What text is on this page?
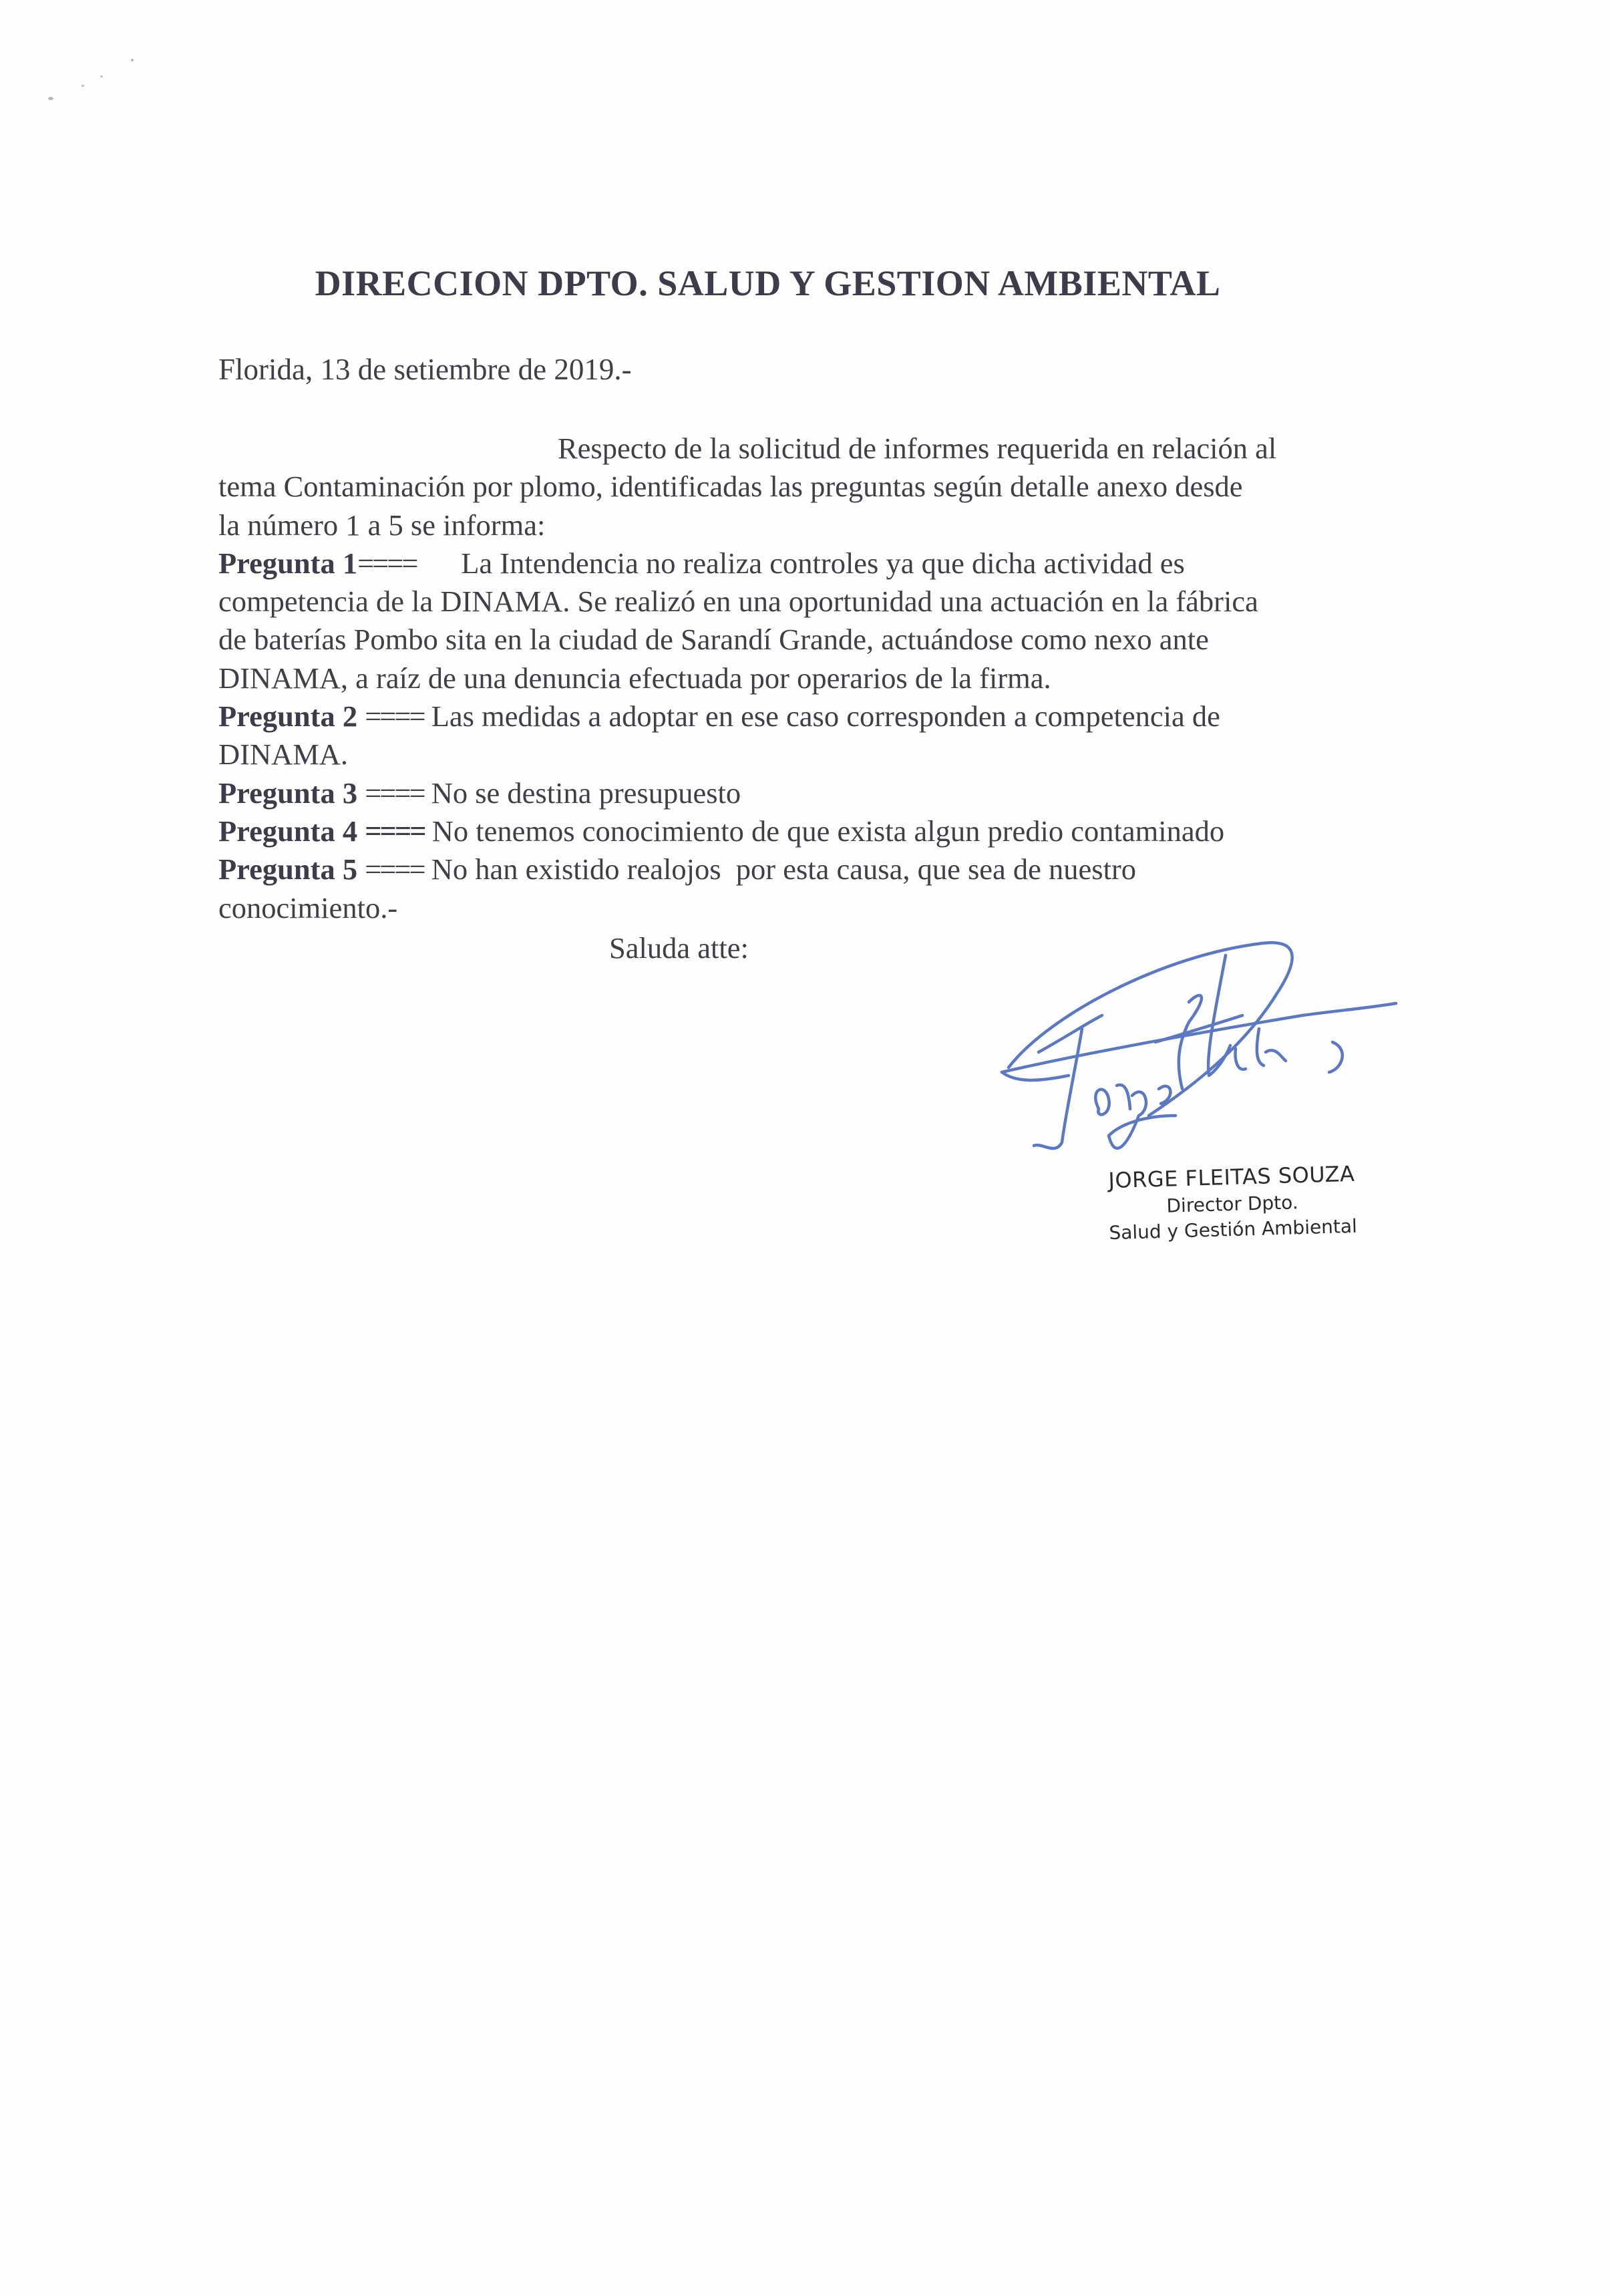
DIRECCION DPTO. SALUD Y GESTION AMBIENTAL
Florida, 13 de setiembre de 2019.-
Respecto de la solicitud de informes requerida en relación al
tema Contaminación por plomo, identificadas las preguntas según detalle anexo desde
la número 1 a 5 se informa:
Pregunta 1==== La Intendencia no realiza controles ya que dicha actividad es
competencia de la DINAMA. Se realizó en una oportunidad una actuación en la fábrica
de baterías Pombo sita en la ciudad de Sarandí Grande, actuándose como nexo ante
DINAMA, a raíz de una denuncia efectuada por operarios de la firma.
Pregunta 2 ==== Las medidas a adoptar en ese caso corresponden a competencia de
DINAMA.
Pregunta 3 ==== No se destina presupuesto
Pregunta 4 ==== No tenemos conocimiento de que exista algun predio contaminado
Pregunta 5 ==== No han existido realojos  por esta causa, que sea de nuestro
conocimiento.-
Saluda atte:
JORGE FLEITAS SOUZA
Director Dpto.
Salud y Gestión Ambiental
